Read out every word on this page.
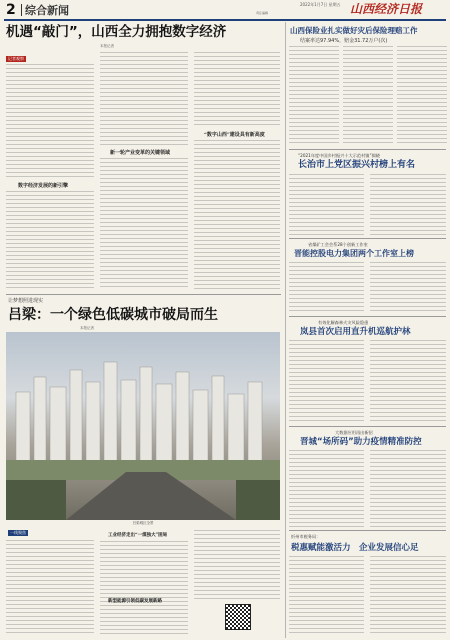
2 综合新闻	2022年1月7日 星期五
责任编辑	山西经济日报
机遇“敲门”，山西全力拥抱数字经济
本报记者
记者观察
数字经济发展的新引擎
新一轮产业变革的关键领域
“数字山西”建设具有新高度
让梦想照进现实
吕梁：一个绿色低碳城市破局而生
本报记者
吕梁城区全景
一线聚焦
工业经济走出“一煤独大”困局
新型能源引领低碳发展新路
山西保险业扎实做好灾后保险理赔工作
结案率达97.94%，赔金31.72万户(次)
“2021年度中国乡村振兴十大示范村镇”揭晓
长治市上党区振兴村榜上有名
省煤矿工会会系28个创新工作室
晋能控股电力集团两个工作室上榜
有效化解森林火灾风险隐患
岚县首次启用直升机巡航护林
大数据应用再出新招
晋城“场所码”助力疫情精准防控
忻州市税务局：
税惠赋能激活力　企业发展信心足
